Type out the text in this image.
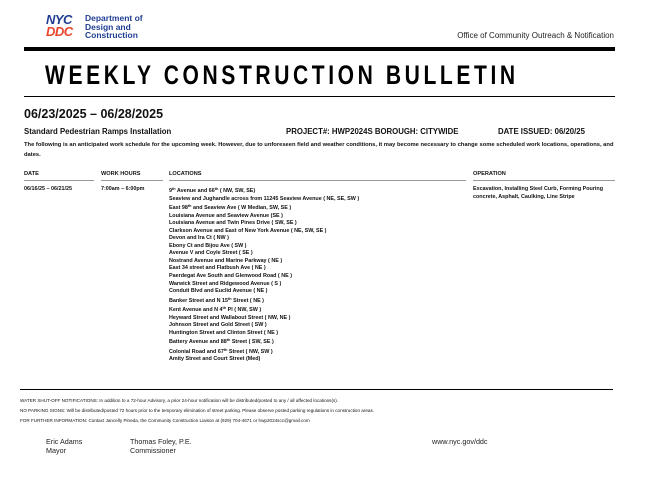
NYC
DDC
Department of
Design and
Construction	Office of Community Outreach & Notification
WEEKLY CONSTRUCTION BULLETIN
06/23/2025 – 06/28/2025
Standard Pedestrian Ramps Installation	PROJECT#: HWP2024S BOROUGH: CITYWIDE	DATE ISSUED: 06/20/25
The following is an anticipated work schedule for the upcoming week. However, due to unforeseen field and weather conditions, it may become necessary to change some scheduled work locations, operations, and dates.
DATE	WORK HOURS	LOCATIONS	OPERATION
06/16/25 – 06/21/25	7:00am – 6:00pm	9th Avenue and 66th ( NW, SW, SE)
Seaview and Jughandle across from 11245 Seaview Avenue ( NE, SE, SW )
East 98th and Seaview Ave ( W Median, SW, SE )
Louisiana Avenue and Seaview Avenue (SE )
Louisiana Avenue and Twin Pines Drive ( SW, SE )
Clarkson Avenue and East of New York Avenue ( NE, SW, SE )
Devon and Ira Ct ( NW )
Ebony Ct and Bijou Ave ( SW )
Avenue V and Coyle Street ( SE )
Nostrand Avenue and Marine Parkway ( NE )
East 34 street and Flatbush Ave ( NE )
Paerdegat Ave South and Glenwood Road ( NE )
Warwick Street and Ridgewood Avenue ( S )
Conduit Blvd and Euclid Avenue ( NE )
Banker Street and N 15th Street ( NE )
Kent Avenue and N 4th Pl ( NW, SW )
Heyward Street and Wallabout Street ( NW, NE )
Johnson Street and Gold Street ( SW )
Huntington Street and Clinton Street ( NE )
Battery Avenue and 88th Street ( SW, SE )
Colonial Road and 67th Street ( NW, SW )
Amity Street and Court Street (Med)
Excavation, Installing Steel Curb, Forming Pouring concrete, Asphalt, Caulking, Line Stripe
WATER SHUT-OFF NOTIFICATIONS: In addition to a 72-hour Advisory, a prior 24-hour notification will be distributed/posted to any / all affected locations(s).
NO PARKING SIGNS: Will be distributed/posted 72 hours prior to the temporary elimination of street parking. Please observe posted parking regulations in construction areas.
FOR FURTHER INFORMATION: Contact Jancelly Pineda, the Community Construction Liaison at (929) 704-4671 or hwp2024scc@gmail.com
Eric Adams
Mayor
Thomas Foley, P.E.
Commissioner
www.nyc.gov/ddc
